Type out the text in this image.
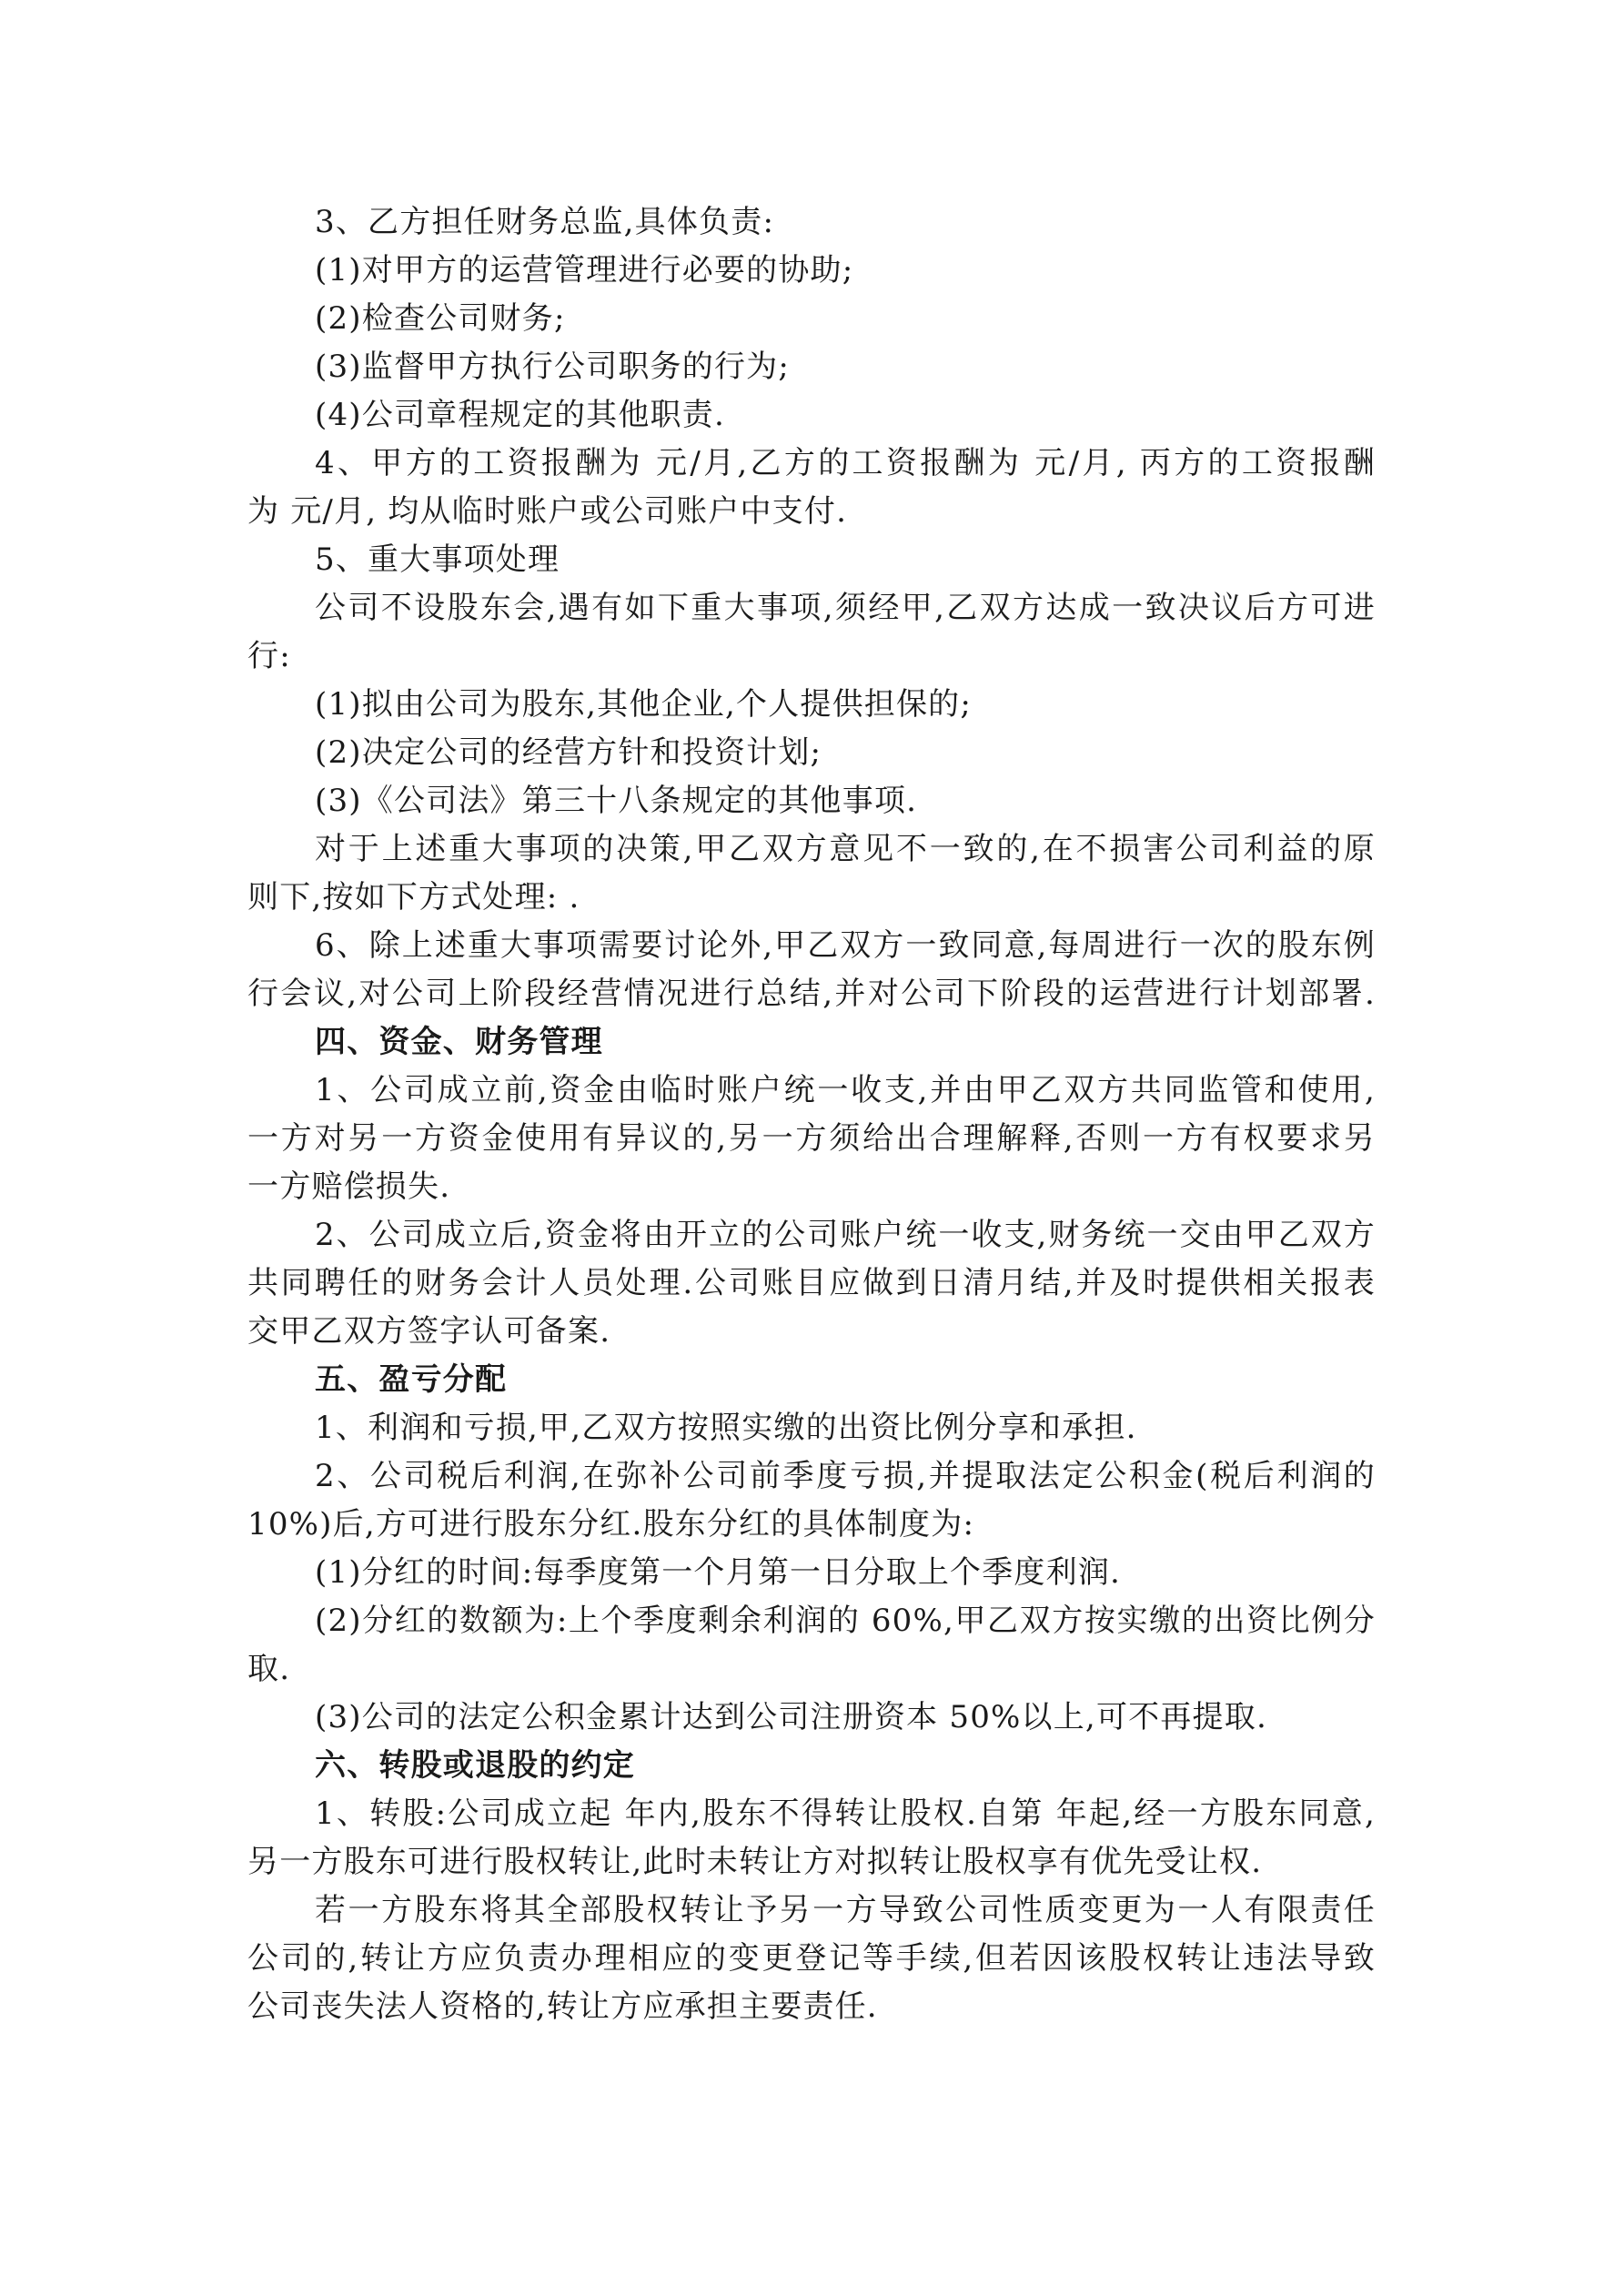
3、乙方担任财务总监,具体负责:
(1)对甲方的运营管理进行必要的协助;
(2)检查公司财务;
(3)监督甲方执行公司职务的行为;
(4)公司章程规定的其他职责.
4、甲方的工资报酬为 元/月,乙方的工资报酬为 元/月, 丙方的工资报酬
为 元/月, 均从临时账户或公司账户中支付.
5、重大事项处理
公司不设股东会,遇有如下重大事项,须经甲,乙双方达成一致决议后方可进
行:
(1)拟由公司为股东,其他企业,个人提供担保的;
(2)决定公司的经营方针和投资计划;
(3)《公司法》第三十八条规定的其他事项.
对于上述重大事项的决策,甲乙双方意见不一致的,在不损害公司利益的原
则下,按如下方式处理: .
6、除上述重大事项需要讨论外,甲乙双方一致同意,每周进行一次的股东例
行会议,对公司上阶段经营情况进行总结,并对公司下阶段的运营进行计划部署.
四、资金、财务管理
1、公司成立前,资金由临时账户统一收支,并由甲乙双方共同监管和使用,
一方对另一方资金使用有异议的,另一方须给出合理解释,否则一方有权要求另
一方赔偿损失.
2、公司成立后,资金将由开立的公司账户统一收支,财务统一交由甲乙双方
共同聘任的财务会计人员处理.公司账目应做到日清月结,并及时提供相关报表
交甲乙双方签字认可备案.
五、盈亏分配
1、利润和亏损,甲,乙双方按照实缴的出资比例分享和承担.
2、公司税后利润,在弥补公司前季度亏损,并提取法定公积金(税后利润的
10%)后,方可进行股东分红.股东分红的具体制度为:
(1)分红的时间:每季度第一个月第一日分取上个季度利润.
(2)分红的数额为:上个季度剩余利润的 60%,甲乙双方按实缴的出资比例分
取.
(3)公司的法定公积金累计达到公司注册资本 50%以上,可不再提取.
六、转股或退股的约定
1、转股:公司成立起 年内,股东不得转让股权.自第 年起,经一方股东同意,
另一方股东可进行股权转让,此时未转让方对拟转让股权享有优先受让权.
若一方股东将其全部股权转让予另一方导致公司性质变更为一人有限责任
公司的,转让方应负责办理相应的变更登记等手续,但若因该股权转让违法导致
公司丧失法人资格的,转让方应承担主要责任.
